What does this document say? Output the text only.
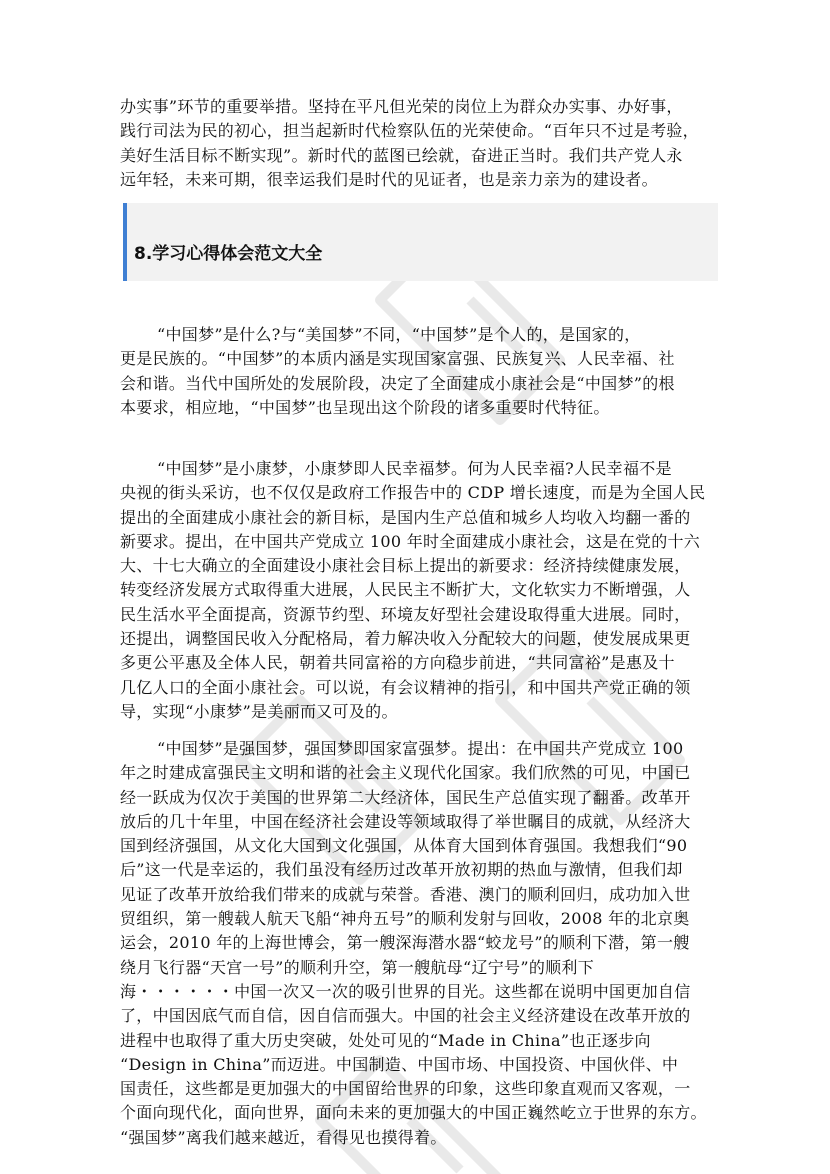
办实事”环节的重要举措。坚持在平凡但光荣的岗位上为群众办实事、办好事，
践行司法为民的初心，担当起新时代检察队伍的光荣使命。“百年只不过是考验，
美好生活目标不断实现”。新时代的蓝图已绘就，奋进正当时。我们共产党人永
远年轻，未来可期，很幸运我们是时代的见证者，也是亲力亲为的建设者。
8.学习心得体会范文大全
“中国梦”是什么?与“美国梦”不同，“中国梦”是个人的，是国家的，
更是民族的。“中国梦”的本质内涵是实现国家富强、民族复兴、人民幸福、社
会和谐。当代中国所处的发展阶段，决定了全面建成小康社会是“中国梦”的根
本要求，相应地，“中国梦”也呈现出这个阶段的诸多重要时代特征。
“中国梦”是小康梦，小康梦即人民幸福梦。何为人民幸福?人民幸福不是
央视的街头采访，也不仅仅是政府工作报告中的 CDP 增长速度，而是为全国人民
提出的全面建成小康社会的新目标，是国内生产总值和城乡人均收入均翻一番的
新要求。提出，在中国共产党成立 100 年时全面建成小康社会，这是在党的十六
大、十七大确立的全面建设小康社会目标上提出的新要求：经济持续健康发展，
转变经济发展方式取得重大进展，人民民主不断扩大，文化软实力不断增强，人
民生活水平全面提高，资源节约型、环境友好型社会建设取得重大进展。同时，
还提出，调整国民收入分配格局，着力解决收入分配较大的问题，使发展成果更
多更公平惠及全体人民，朝着共同富裕的方向稳步前进，“共同富裕”是惠及十
几亿人口的全面小康社会。可以说，有会议精神的指引，和中国共产党正确的领
导，实现“小康梦”是美丽而又可及的。
“中国梦”是强国梦，强国梦即国家富强梦。提出：在中国共产党成立 100
年之时建成富强民主文明和谐的社会主义现代化国家。我们欣然的可见，中国已
经一跃成为仅次于美国的世界第二大经济体，国民生产总值实现了翻番。改革开
放后的几十年里，中国在经济社会建设等领域取得了举世瞩目的成就，从经济大
国到经济强国，从文化大国到文化强国，从体育大国到体育强国。我想我们“90
后”这一代是幸运的，我们虽没有经历过改革开放初期的热血与激情，但我们却
见证了改革开放给我们带来的成就与荣誉。香港、澳门的顺利回归，成功加入世
贸组织，第一艘载人航天飞船“神舟五号”的顺利发射与回收，2008 年的北京奥
运会，2010 年的上海世博会，第一艘深海潜水器“蛟龙号”的顺利下潜，第一艘
绕月飞行器“天宫一号”的顺利升空，第一艘航母“辽宁号”的顺利下
海・・・・・・中国一次又一次的吸引世界的目光。这些都在说明中国更加自信
了，中国因底气而自信，因自信而强大。中国的社会主义经济建设在改革开放的
进程中也取得了重大历史突破，处处可见的“Made in China”也正逐步向
“Design in China”而迈进。中国制造、中国市场、中国投资、中国伙伴、中
国责任，这些都是更加强大的中国留给世界的印象，这些印象直观而又客观，一
个面向现代化，面向世界，面向未来的更加强大的中国正巍然屹立于世界的东方。
“强国梦”离我们越来越近，看得见也摸得着。
